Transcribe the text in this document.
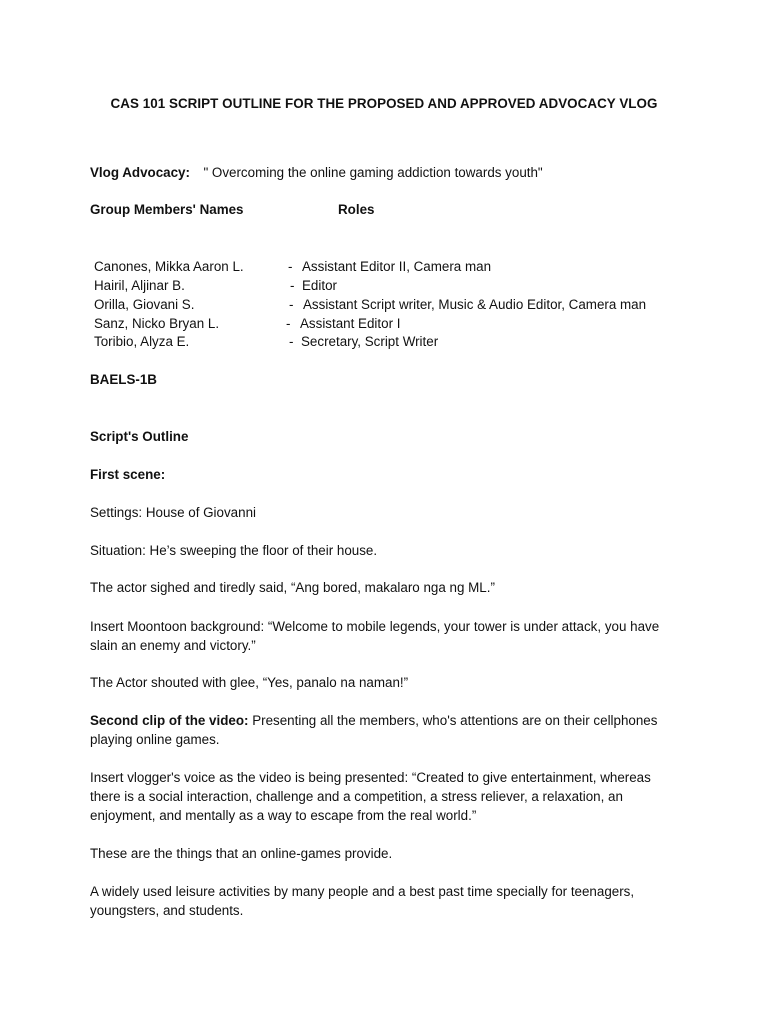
CAS 101 SCRIPT OUTLINE FOR THE PROPOSED AND APPROVED ADVOCACY VLOG
Vlog Advocacy: " Overcoming the online gaming addiction towards youth"
Group Members' Names	Roles
Canones, Mikka Aaron L.	- Assistant Editor II, Camera man
Hairil, Aljinar B.	- Editor
Orilla, Giovani S.	- Assistant Script writer, Music & Audio Editor, Camera man
Sanz, Nicko Bryan L.	- Assistant Editor I
Toribio, Alyza E.	- Secretary, Script Writer
BAELS-1B
Script's Outline
First scene:
Settings: House of Giovanni
Situation: He’s sweeping the floor of their house.
The actor sighed and tiredly said, “Ang bored, makalaro nga ng ML.”
Insert Moontoon background: “Welcome to mobile legends, your tower is under attack, you have slain an enemy and victory.”
The Actor shouted with glee, “Yes, panalo na naman!”
Second clip of the video: Presenting all the members, who's attentions are on their cellphones playing online games.
Insert vlogger's voice as the video is being presented: “Created to give entertainment, whereas there is a social interaction, challenge and a competition, a stress reliever, a relaxation, an enjoyment, and mentally as a way to escape from the real world.”
These are the things that an online-games provide.
A widely used leisure activities by many people and a best past time specially for teenagers, youngsters, and students.
